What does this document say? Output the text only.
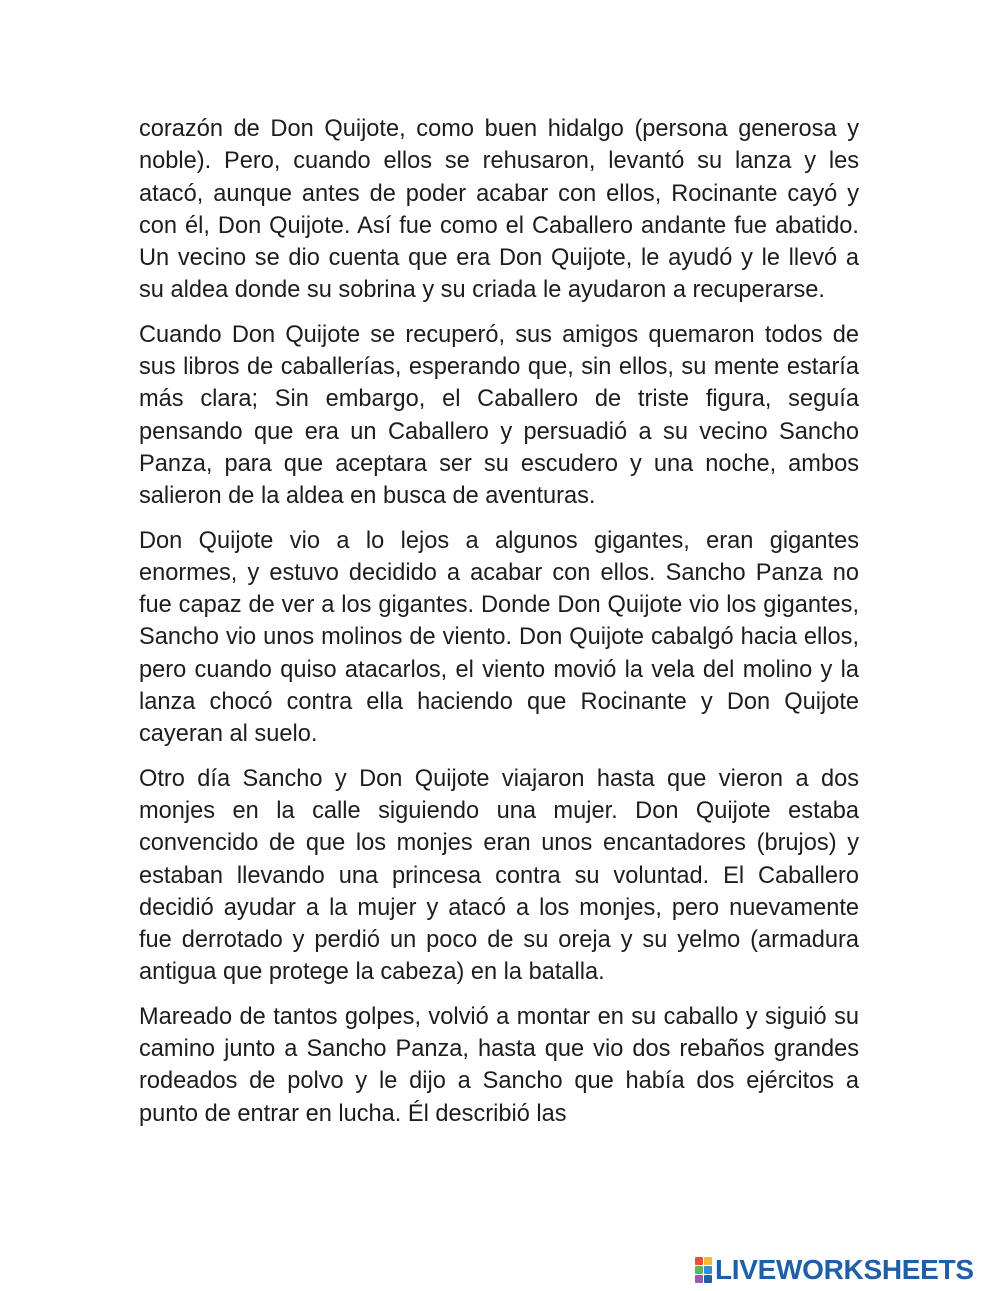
corazón de Don Quijote, como buen hidalgo (persona generosa y noble). Pero, cuando ellos se rehusaron, levantó su lanza y les atacó, aunque antes de poder acabar con ellos, Rocinante cayó y con él, Don Quijote. Así fue como el Caballero andante fue abatido. Un vecino se dio cuenta que era Don Quijote, le ayudó y le llevó a su aldea donde su sobrina y su criada le ayudaron a recuperarse.

Cuando Don Quijote se recuperó, sus amigos quemaron todos de sus libros de caballerías, esperando que, sin ellos, su mente estaría más clara; Sin embargo, el Caballero de triste figura, seguía pensando que era un Caballero y persuadió a su vecino Sancho Panza, para que aceptara ser su escudero y una noche, ambos salieron de la aldea en busca de aventuras.

Don Quijote vio a lo lejos a algunos gigantes, eran gigantes enormes, y estuvo decidido a acabar con ellos. Sancho Panza no fue capaz de ver a los gigantes. Donde Don Quijote vio los gigantes, Sancho vio unos molinos de viento. Don Quijote cabalgó hacia ellos, pero cuando quiso atacarlos, el viento movió la vela del molino y la lanza chocó contra ella haciendo que Rocinante y Don Quijote cayeran al suelo.

Otro día Sancho y Don Quijote viajaron hasta que vieron a dos monjes en la calle siguiendo una mujer. Don Quijote estaba convencido de que los monjes eran unos encantadores (brujos) y estaban llevando una princesa contra su voluntad. El Caballero decidió ayudar a la mujer y atacó a los monjes, pero nuevamente fue derrotado y perdió un poco de su oreja y su yelmo (armadura antigua que protege la cabeza) en la batalla.

Mareado de tantos golpes, volvió a montar en su caballo y siguió su camino junto a Sancho Panza, hasta que vio dos rebaños grandes rodeados de polvo y le dijo a Sancho que había dos ejércitos a punto de entrar en lucha. Él describió las

LIVEWORKSHEETS
